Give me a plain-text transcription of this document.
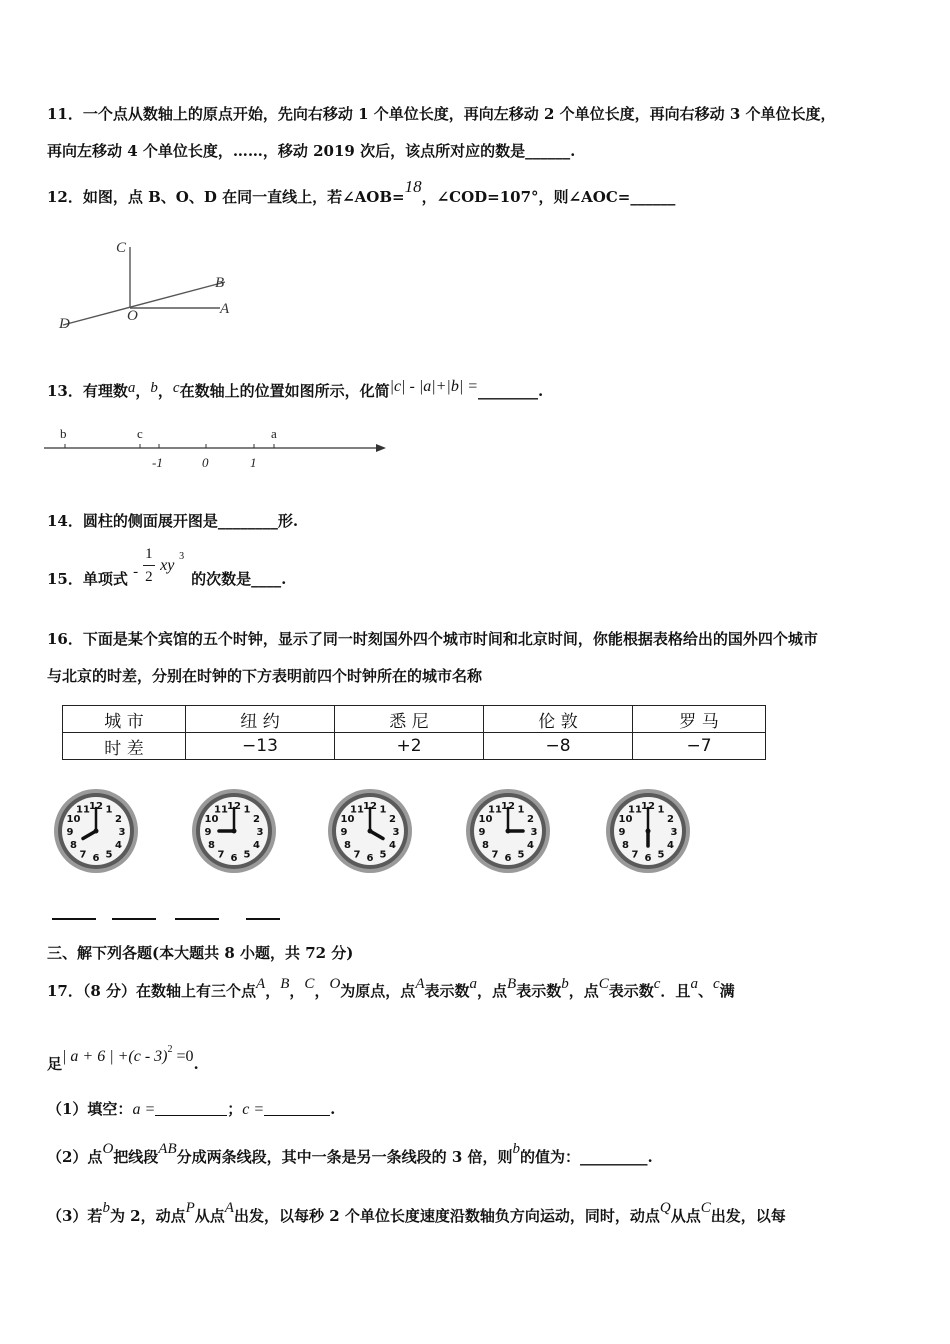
11．一个点从数轴上的原点开始，先向右移动 1 个单位长度，再向左移动 2 个单位长度，再向右移动 3 个单位长度，
再向左移动 4 个单位长度，……，移动 2019 次后，该点所对应的数是______.
12．如图，点 B、O、D 在同一直线上，若∠AOB=18，∠COD=107°，则∠AOC=______
C
B
A
D	O
13．有理数a，b，c在数轴上的位置如图所示，化简|c| - |a|+|b| =________.
b	c	a
-1	0	1
14．圆柱的侧面展开图是________形.
15．单项式 -
1
2
xy
3
的次数是____.
16．下面是某个宾馆的五个时钟，显示了同一时刻国外四个城市时间和北京时间，你能根据表格给出的国外四个城市
与北京的时差，分别在时钟的下方表明前四个时钟所在的城市名称
城 市	纽 约	悉 尼	伦 敦	罗 马
时 差	−13	+2	−8	−7
12 1
2
3
4
5
6
7
8
9
10
11	12 1
2
3
4
5
6
7
8
9
10
11	12 1
2
3
4
5
6
7
8
9
10
11	12 1
2
3
4
5
6
7
8
9
10
11	12 1
2
3
4
5
6
7
8
9
10
11
三、解下列各题(本大题共 8 小题，共 72 分)
17．（8 分）在数轴上有三个点A，B，C，O为原点，点A表示数a，点B表示数b，点C表示数c．且a、c满
足| a + 6 | +(c - 3)$^2$ =0.
（1）填空：a =	；c =	.
（2）点O把线段AB分成两条线段，其中一条是另一条线段的 3 倍，则b的值为：_________.
（3）若b为 2，动点P从点A出发，以每秒 2 个单位长度速度沿数轴负方向运动，同时，动点Q从点C出发，以每
